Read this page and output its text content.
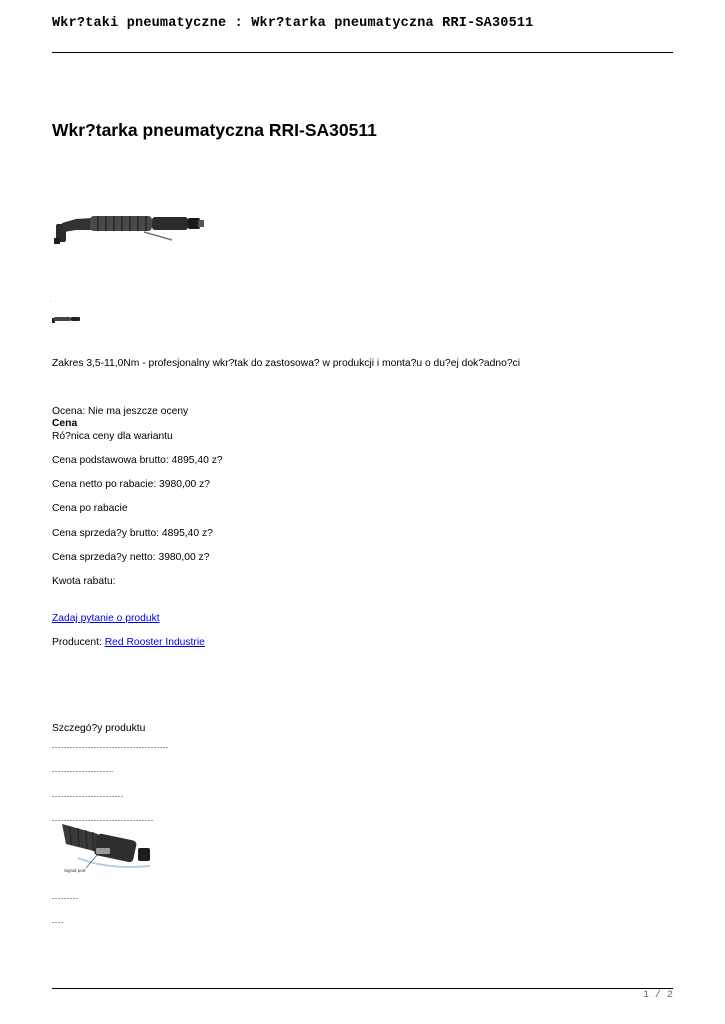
Wkr?taki pneumatyczne : Wkr?tarka pneumatyczna RRI-SA30511
Wkr?tarka pneumatyczna RRI-SA30511
.
Zakres 3,5-11,0Nm - profesjonalny wkr?tak do zastosowa? w produkcji i monta?u o du?ej dok?adno?ci
Ocena: Nie ma jeszcze oceny
Cena
Ró?nica ceny dla wariantu
Cena podstawowa brutto: 4895,40 z?
Cena netto po rabacie: 3980,00 z?
Cena po rabacie
Cena sprzeda?y brutto: 4895,40 z?
Cena sprzeda?y netto: 3980,00 z?
Kwota rabatu:
Zadaj pytanie o produkt
Producent: Red Rooster Industrie
Szczegó?y produktu
Signal port
1 / 2
